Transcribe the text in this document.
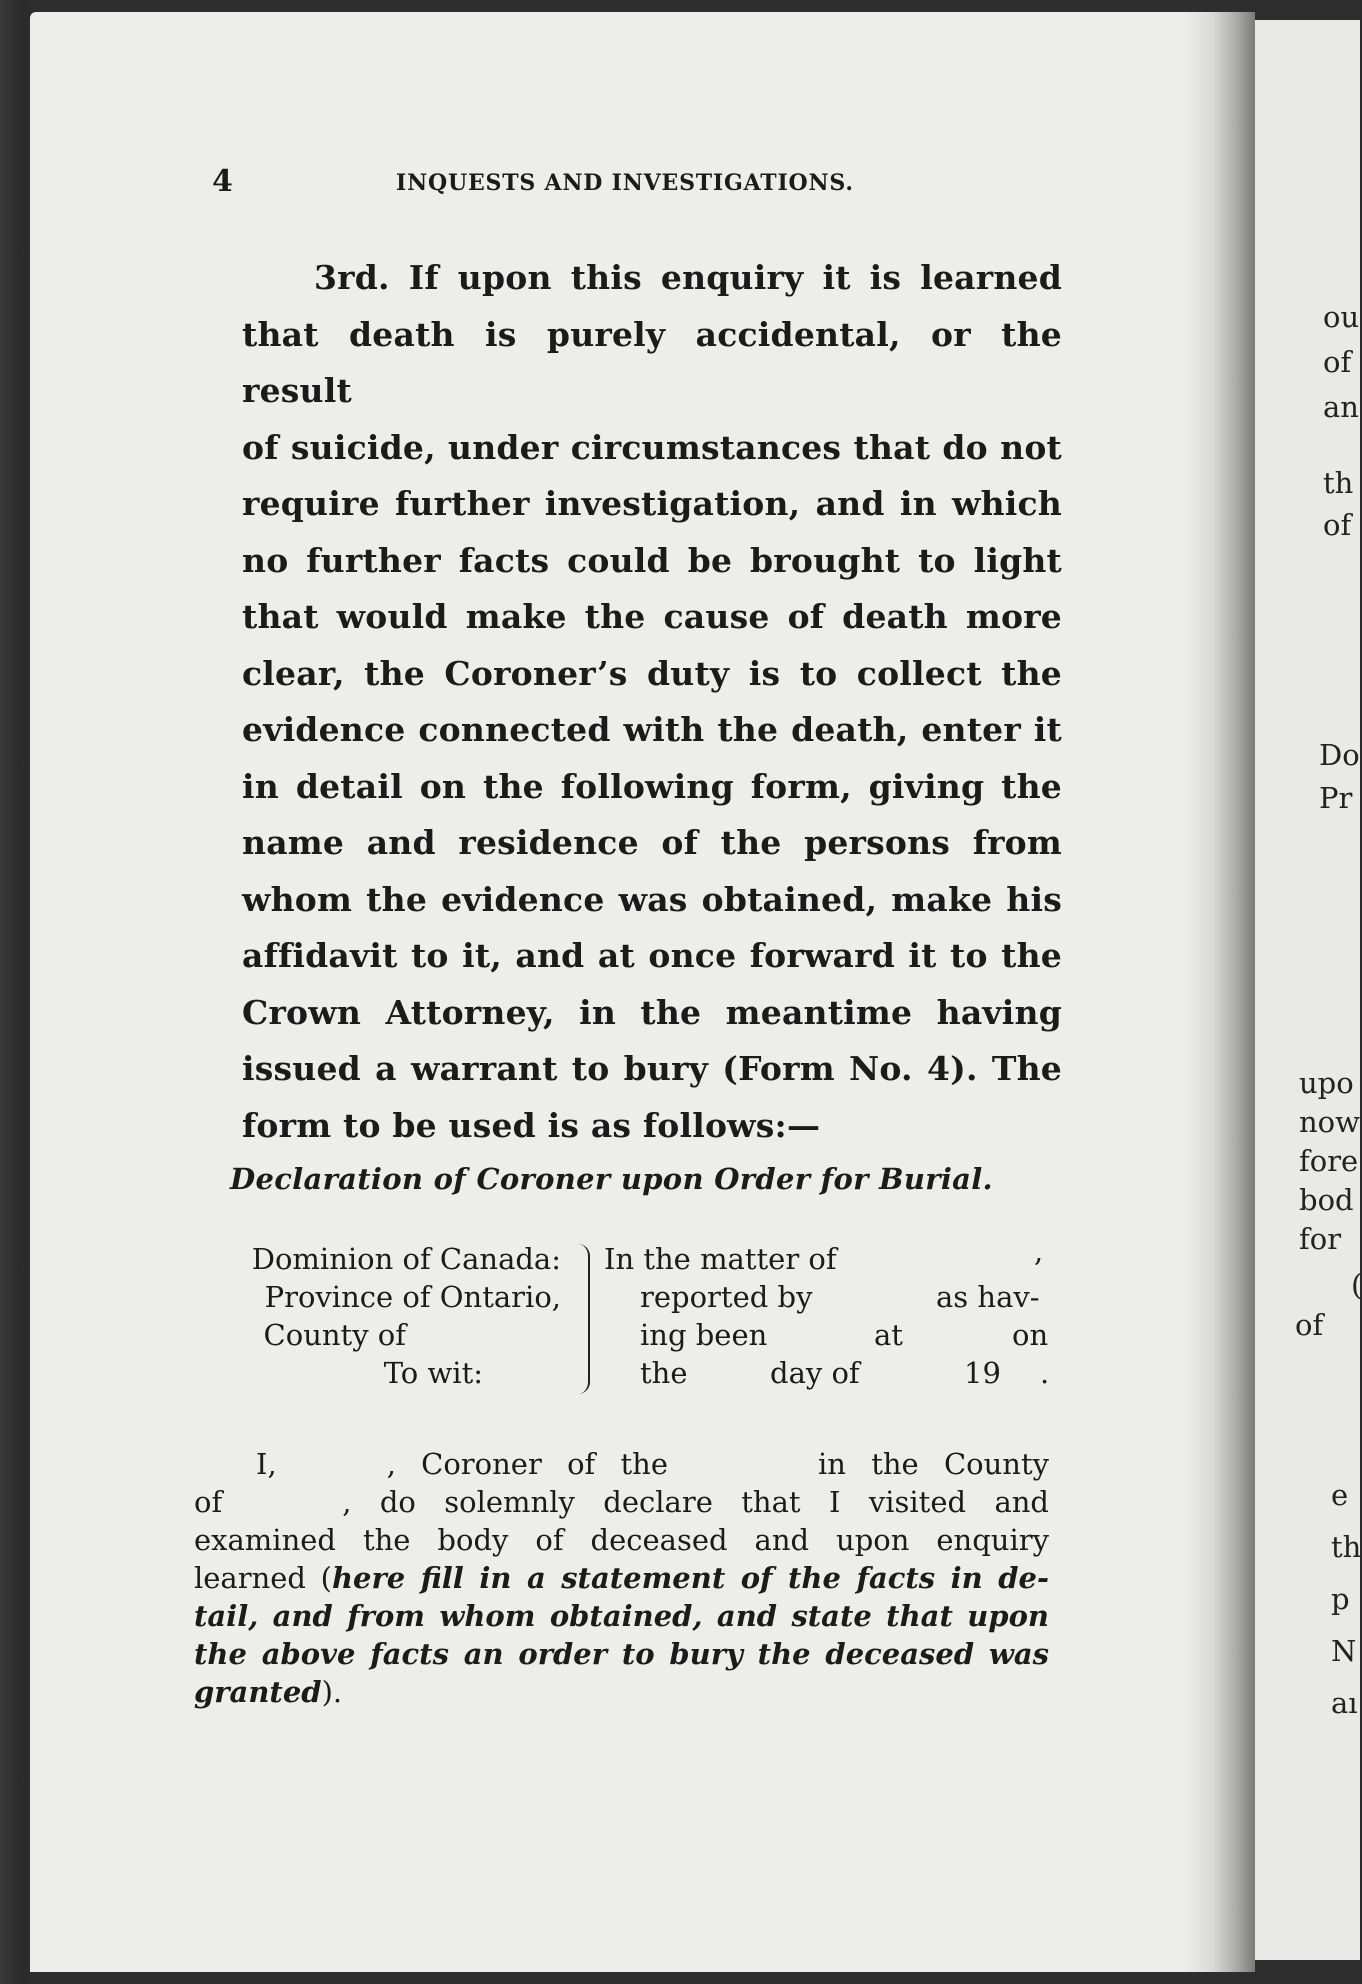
ou
of
an
th
of
Do
Pr
upo
now
fore
bod
for
(
of
e
th
p
N
aı
4	INQUESTS AND INVESTIGATIONS.
3rd. If upon this enquiry it is learned
that death is purely accidental, or the result
of suicide, under circumstances that do not
require further investigation, and in which
no further facts could be brought to light
that would make the cause of death more
clear, the Coroner’s duty is to collect the
evidence connected with the death, enter it
in detail on the following form, giving the
name and residence of the persons from
whom the evidence was obtained, make his
affidavit to it, and at once forward it to the
Crown Attorney, in the meantime having
issued a warrant to bury (Form No. 4). The
form to be used is as follows:—
Declaration of Coroner upon Order for Burial.
Dominion of Canada:
Province of Ontario,
County of
To wit:
In the matter of	,
reported by	as hav-
ing been	at	on
the	day of	19 .
I,	, Coroner of the	in the County
of	, do solemnly declare that I visited and
examined the body of deceased and upon enquiry
learned (here fill in a statement of the facts in de-
tail, and from whom obtained, and state that upon
the above facts an order to bury the deceased was
granted).
